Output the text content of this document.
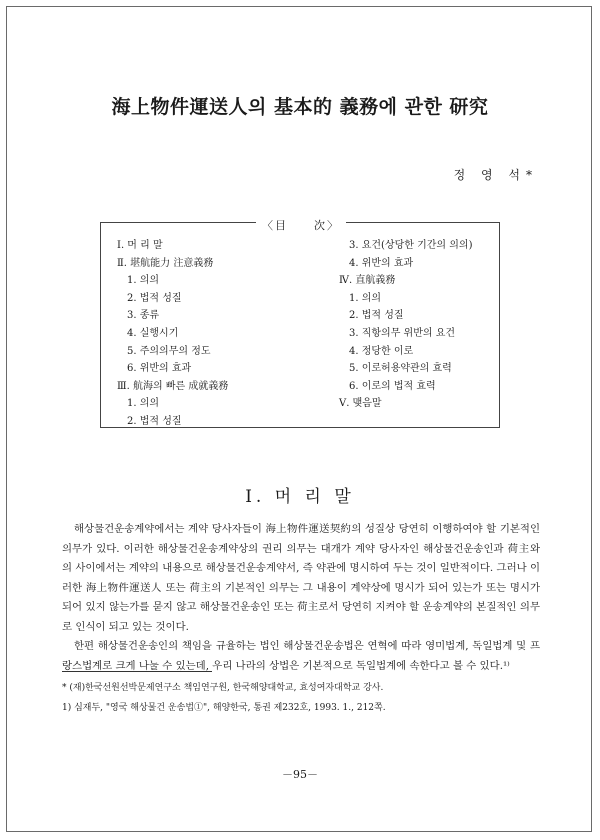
海上物件運送人의 基本的 義務에 관한 研究
정 영 석*
〈目　　次〉
Ⅰ. 머 리 말
Ⅱ. 堪航能力 注意義務
1. 의의
2. 법적 성질
3. 종류
4. 실행시기
5. 주의의무의 정도
6. 위반의 효과
Ⅲ. 航海의 빠른 成就義務
1. 의의
2. 법적 성질
3. 요건(상당한 기간의 의의)
4. 위반의 효과
Ⅳ. 直航義務
1. 의의
2. 법적 성질
3. 직항의무 위반의 요건
4. 정당한 이로
5. 이로허용약관의 효력
6. 이로의 법적 효력
Ⅴ. 맺음말
Ⅰ. 머 리 말

해상물건운송계약에서는 계약 당사자들이 海上物件運送契約의 성질상 당연히 이행하여야 할 기본적인 의무가 있다. 이러한 해상물건운송계약상의 권리 의무는 대개가 계약 당사자인 해상물건운송인과 荷主와의 사이에서는 계약의 내용으로 해상물건운송계약서, 즉 약관에 명시하여 두는 것이 일반적이다. 그러나 이러한 海上物件運送人 또는 荷主의 기본적인 의무는 그 내용이 계약상에 명시가 되어 있는가 또는 명시가 되어 있지 않는가를 묻지 않고 해상물건운송인 또는 荷主로서 당연히 지켜야 할 운송계약의 본질적인 의무로 인식이 되고 있는 것이다.

한편 해상물건운송인의 책임을 규율하는 법인 해상물건운송법은 연혁에 따라 영미법계, 독일법계 및 프랑스법계로 크게 나눌 수 있는데, 우리 나라의 상법은 기본적으로 독일법계에 속한다고 볼 수 있다.¹⁾

* (재)한국선원선박문제연구소 책임연구원, 한국해양대학교, 효성여자대학교 강사.
1) 심재두, "영국 해상물건 운송법①", 해양한국, 통권 제232호, 1993. 1., 212쪽.
－95－
